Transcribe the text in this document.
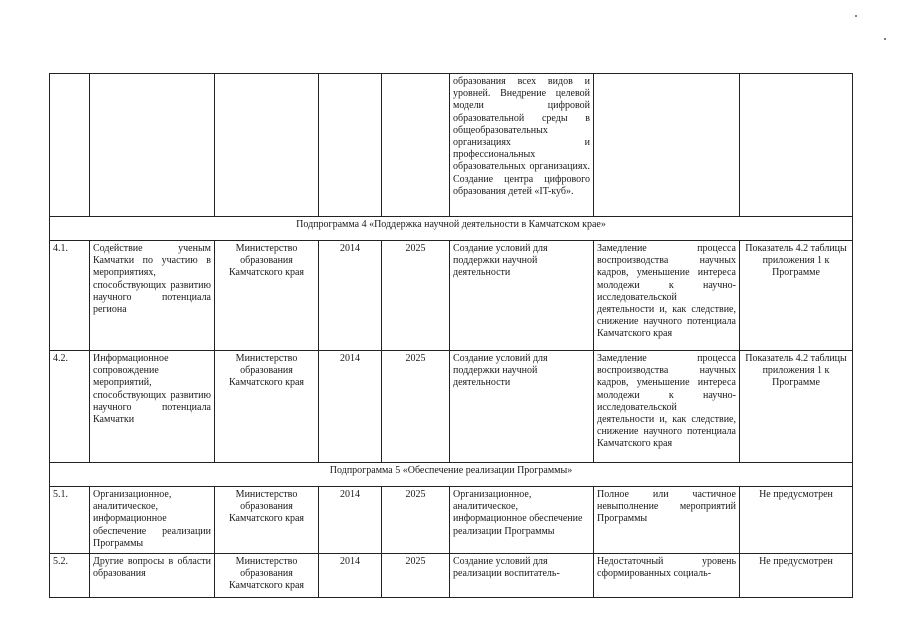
					образования всех видов и уровней. Внедрение целевой модели цифровой образовательной среды в общеобразовательных организациях и профессиональных образовательных организациях. Создание центра цифрового образования детей «IT-куб».		
Подпрограмма 4 «Поддержка научной деятельности в Камчатском крае»							
4.1.	Содействие ученым Камчатки по участию в мероприятиях, способствующих развитию научного потенциала региона	Министерство образования Камчатского края	2014	2025	Создание условий для поддержки научной деятельности	Замедление процесса воспроизводства научных кадров, уменьшение интереса молодежи к научно-исследовательской деятельности и, как следствие, снижение научного потенциала Камчатского края	Показатель 4.2 таблицы приложения 1 к Программе
4.2.	Информационное сопровождение мероприятий, способствующих развитию научного потенциала Камчатки	Министерство образования Камчатского края	2014	2025	Создание условий для поддержки научной деятельности	Замедление процесса воспроизводства научных кадров, уменьшение интереса молодежи к научно-исследовательской деятельности и, как следствие, снижение научного потенциала Камчатского края	Показатель 4.2 таблицы приложения 1 к Программе
Подпрограмма 5 «Обеспечение реализации Программы»							
5.1.	Организационное, аналитическое, информационное обеспечение реализации Программы	Министерство образования Камчатского края	2014	2025	Организационное, аналитическое, информационное обеспечение реализации Программы	Полное или частичное невыполнение мероприятий Программы	Не предусмотрен
5.2.	Другие вопросы в области образования	Министерство образования Камчатского края	2014	2025	Создание условий для реализации воспитатель-	Недостаточный уровень сформированных социаль-	Не предусмотрен
